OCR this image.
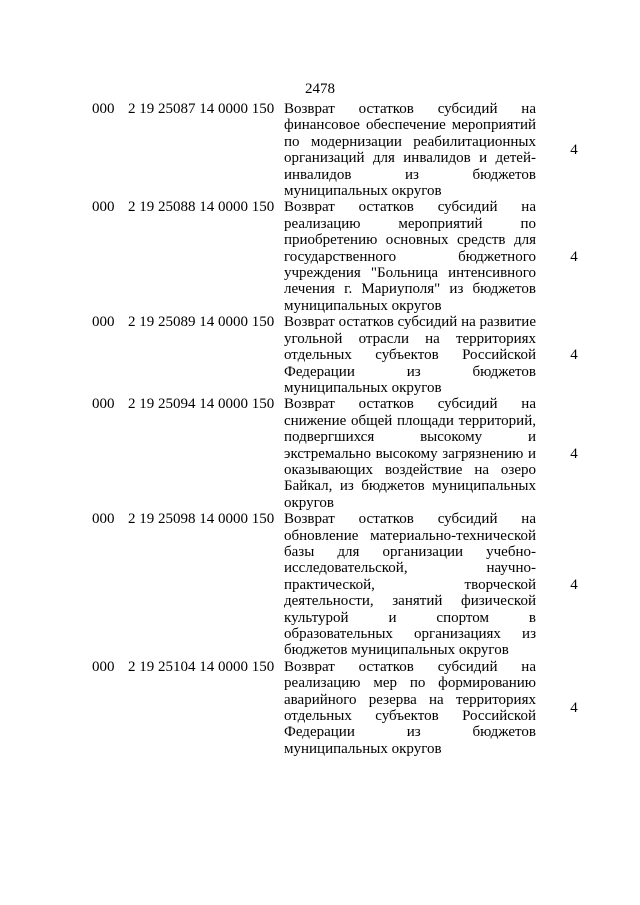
2478
000 2 19 25087 14 0000 150 Возврат остатков субсидий на финансовое обеспечение мероприятий по модернизации реабилитационных организаций для инвалидов и детей-инвалидов из бюджетов муниципальных округов
4
000 2 19 25088 14 0000 150 Возврат остатков субсидий на реализацию мероприятий по приобретению основных средств для государственного бюджетного учреждения "Больница интенсивного лечения г. Мариуполя" из бюджетов муниципальных округов
4
000 2 19 25089 14 0000 150 Возврат остатков субсидий на развитие угольной отрасли на территориях отдельных субъектов Российской Федерации из бюджетов муниципальных округов
4
000 2 19 25094 14 0000 150 Возврат остатков субсидий на снижение общей площади территорий, подвергшихся высокому и экстремально высокому загрязнению и оказывающих воздействие на озеро Байкал, из бюджетов муниципальных округов
4
000 2 19 25098 14 0000 150 Возврат остатков субсидий на обновление материально-технической базы для организации учебно-исследовательской, научно-практической, творческой деятельности, занятий физической культурой и спортом в образовательных организациях из бюджетов муниципальных округов
4
000 2 19 25104 14 0000 150 Возврат остатков субсидий на реализацию мер по формированию аварийного резерва на территориях отдельных субъектов Российской Федерации из бюджетов муниципальных округов
4
